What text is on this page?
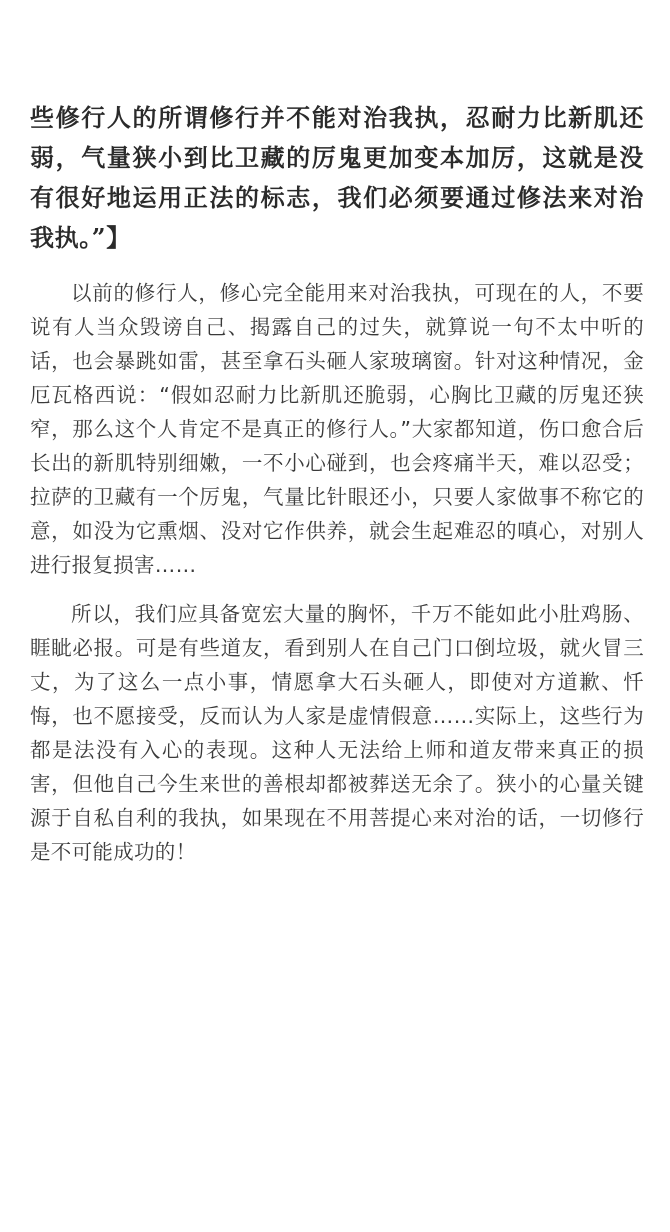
些修行人的所谓修行并不能对治我执，忍耐力比新肌还弱，气量狭小到比卫藏的厉鬼更加变本加厉，这就是没有很好地运用正法的标志，我们必须要通过修法来对治我执。”】

以前的修行人，修心完全能用来对治我执，可现在的人，不要说有人当众毁谤自己、揭露自己的过失，就算说一句不太中听的话，也会暴跳如雷，甚至拿石头砸人家玻璃窗。针对这种情况，金厄瓦格西说：“假如忍耐力比新肌还脆弱，心胸比卫藏的厉鬼还狭窄，那么这个人肯定不是真正的修行人。”大家都知道，伤口愈合后长出的新肌特别细嫩，一不小心碰到，也会疼痛半天，难以忍受；拉萨的卫藏有一个厉鬼，气量比针眼还小，只要人家做事不称它的意，如没为它熏烟、没对它作供养，就会生起难忍的嗔心，对别人进行报复损害……

所以，我们应具备宽宏大量的胸怀，千万不能如此小肚鸡肠、睚眦必报。可是有些道友，看到别人在自己门口倒垃圾，就火冒三丈，为了这么一点小事，情愿拿大石头砸人，即使对方道歉、忏悔，也不愿接受，反而认为人家是虚情假意……实际上，这些行为都是法没有入心的表现。这种人无法给上师和道友带来真正的损害，但他自己今生来世的善根却都被葬送无余了。狭小的心量关键源于自私自利的我执，如果现在不用菩提心来对治的话，一切修行是不可能成功的！
